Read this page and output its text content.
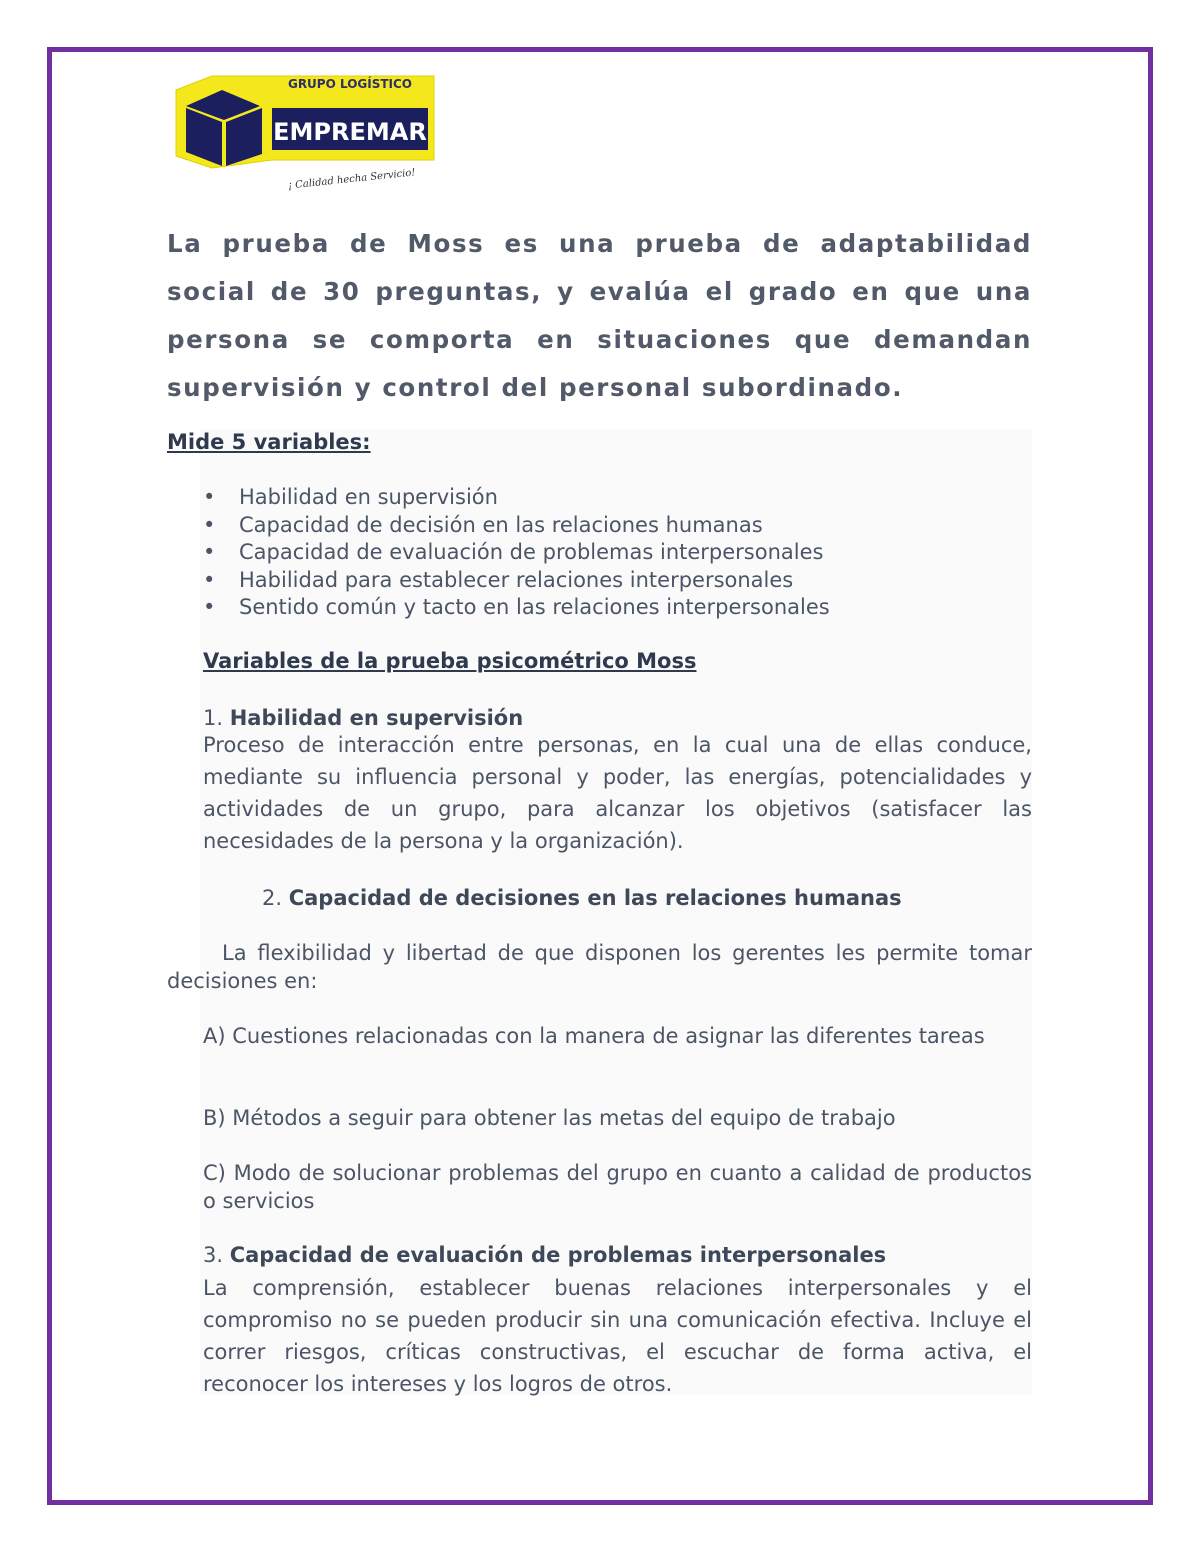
EMPREMAR
GRUPO LOGÍSTICO
¡ Calidad hecha Servicio!
La prueba de Moss es una prueba de adaptabilidad social de 30 preguntas, y evalúa el grado en que una persona se comporta en situaciones que demandan supervisión y control del personal subordinado.
Mide 5 variables:
• Habilidad en supervisión
• Capacidad de decisión en las relaciones humanas
• Capacidad de evaluación de problemas interpersonales
• Habilidad para establecer relaciones interpersonales
• Sentido común y tacto en las relaciones interpersonales
Variables de la prueba psicométrico Moss
1. Habilidad en supervisión
Proceso de interacción entre personas, en la cual una de ellas conduce, mediante su influencia personal y poder, las energías, potencialidades y actividades de un grupo, para alcanzar los objetivos (satisfacer las necesidades de la persona y la organización).
2. Capacidad de decisiones en las relaciones humanas
La flexibilidad y libertad de que disponen los gerentes les permite tomar decisiones en:
A) Cuestiones relacionadas con la manera de asignar las diferentes tareas
B) Métodos a seguir para obtener las metas del equipo de trabajo
C) Modo de solucionar problemas del grupo en cuanto a calidad de productos o servicios
3. Capacidad de evaluación de problemas interpersonales
La comprensión, establecer buenas relaciones interpersonales y el compromiso no se pueden producir sin una comunicación efectiva. Incluye el correr riesgos, críticas constructivas, el escuchar de forma activa, el reconocer los intereses y los logros de otros.
